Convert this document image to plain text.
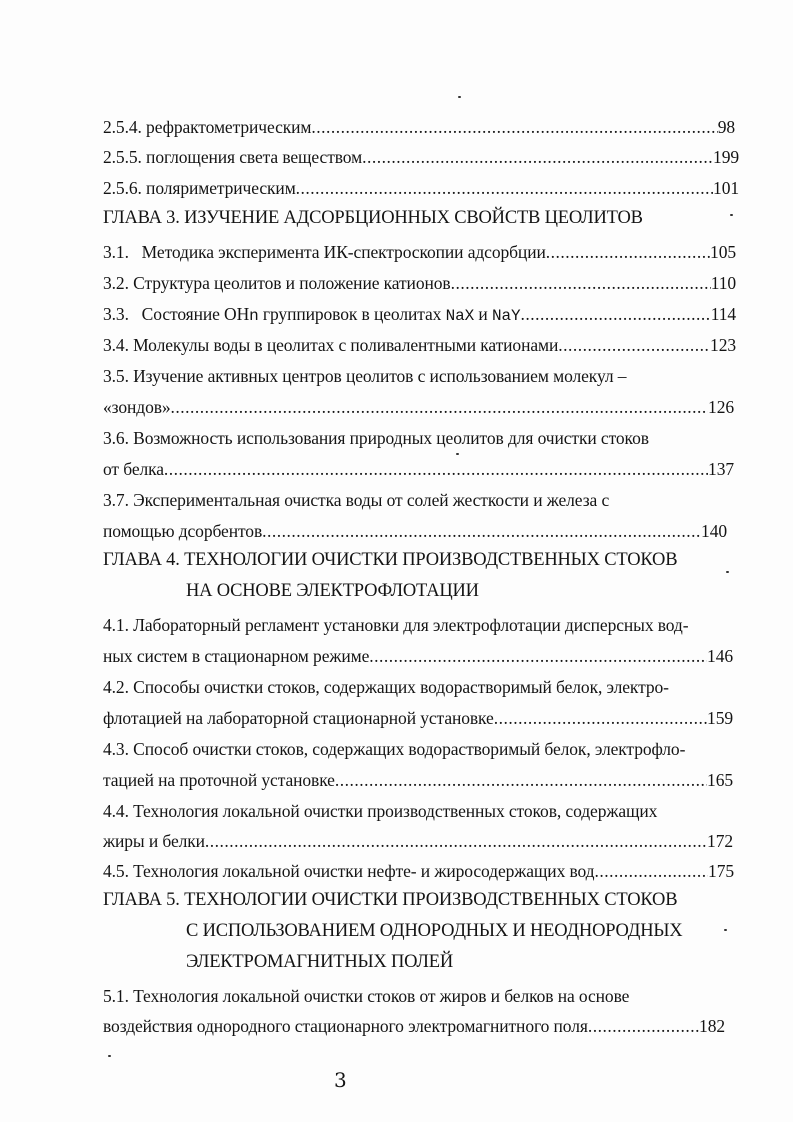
2.5.4. рефрактометрическим .....	98
2.5.5. поглощения света веществом .....	199
2.5.6. поляриметрическим .....	101
ГЛАВА 3. ИЗУЧЕНИЕ АДСОРБЦИОННЫХ СВОЙСТВ ЦЕОЛИТОВ
3.1.   Методика эксперимента ИК-спектроскопии адсорбции .....	105
3.2. Структура цеолитов и положение катионов .....	110
3.3.   Состояние ОНn группировок в цеолитах NaX и NaY .....	114
3.4. Молекулы воды в цеолитах с поливалентными катионами .....	123
3.5. Изучение активных центров цеолитов с использованием молекул –
«зондов» .....	126
3.6. Возможность использования природных цеолитов для очистки стоков
от белка .....	137
3.7. Экспериментальная очистка воды от солей жесткости и железа с
помощью дсорбентов .....	140
ГЛАВА 4. ТЕХНОЛОГИИ ОЧИСТКИ ПРОИЗВОДСТВЕННЫХ СТОКОВ
НА ОСНОВЕ ЭЛЕКТРОФЛОТАЦИИ
4.1. Лабораторный регламент установки для электрофлотации дисперсных вод-
ных систем в стационарном режиме .....	146
4.2. Способы очистки стоков, содержащих водорастворимый белок, электро-
флотацией на лабораторной стационарной установке .....	159
4.3. Способ очистки стоков, содержащих водорастворимый белок, электрофло-
тацией на проточной установке .....	165
4.4. Технология локальной очистки производственных стоков, содержащих
жиры и белки .....	172
4.5. Технология локальной очистки нефте- и жиросодержащих вод .....	175
ГЛАВА 5. ТЕХНОЛОГИИ ОЧИСТКИ ПРОИЗВОДСТВЕННЫХ СТОКОВ
С ИСПОЛЬЗОВАНИЕМ ОДНОРОДНЫХ И НЕОДНОРОДНЫХ
ЭЛЕКТРОМАГНИТНЫХ ПОЛЕЙ
5.1. Технология локальной очистки стоков от жиров и белков на основе
воздействия однородного стационарного электромагнитного поля .....	182
3
